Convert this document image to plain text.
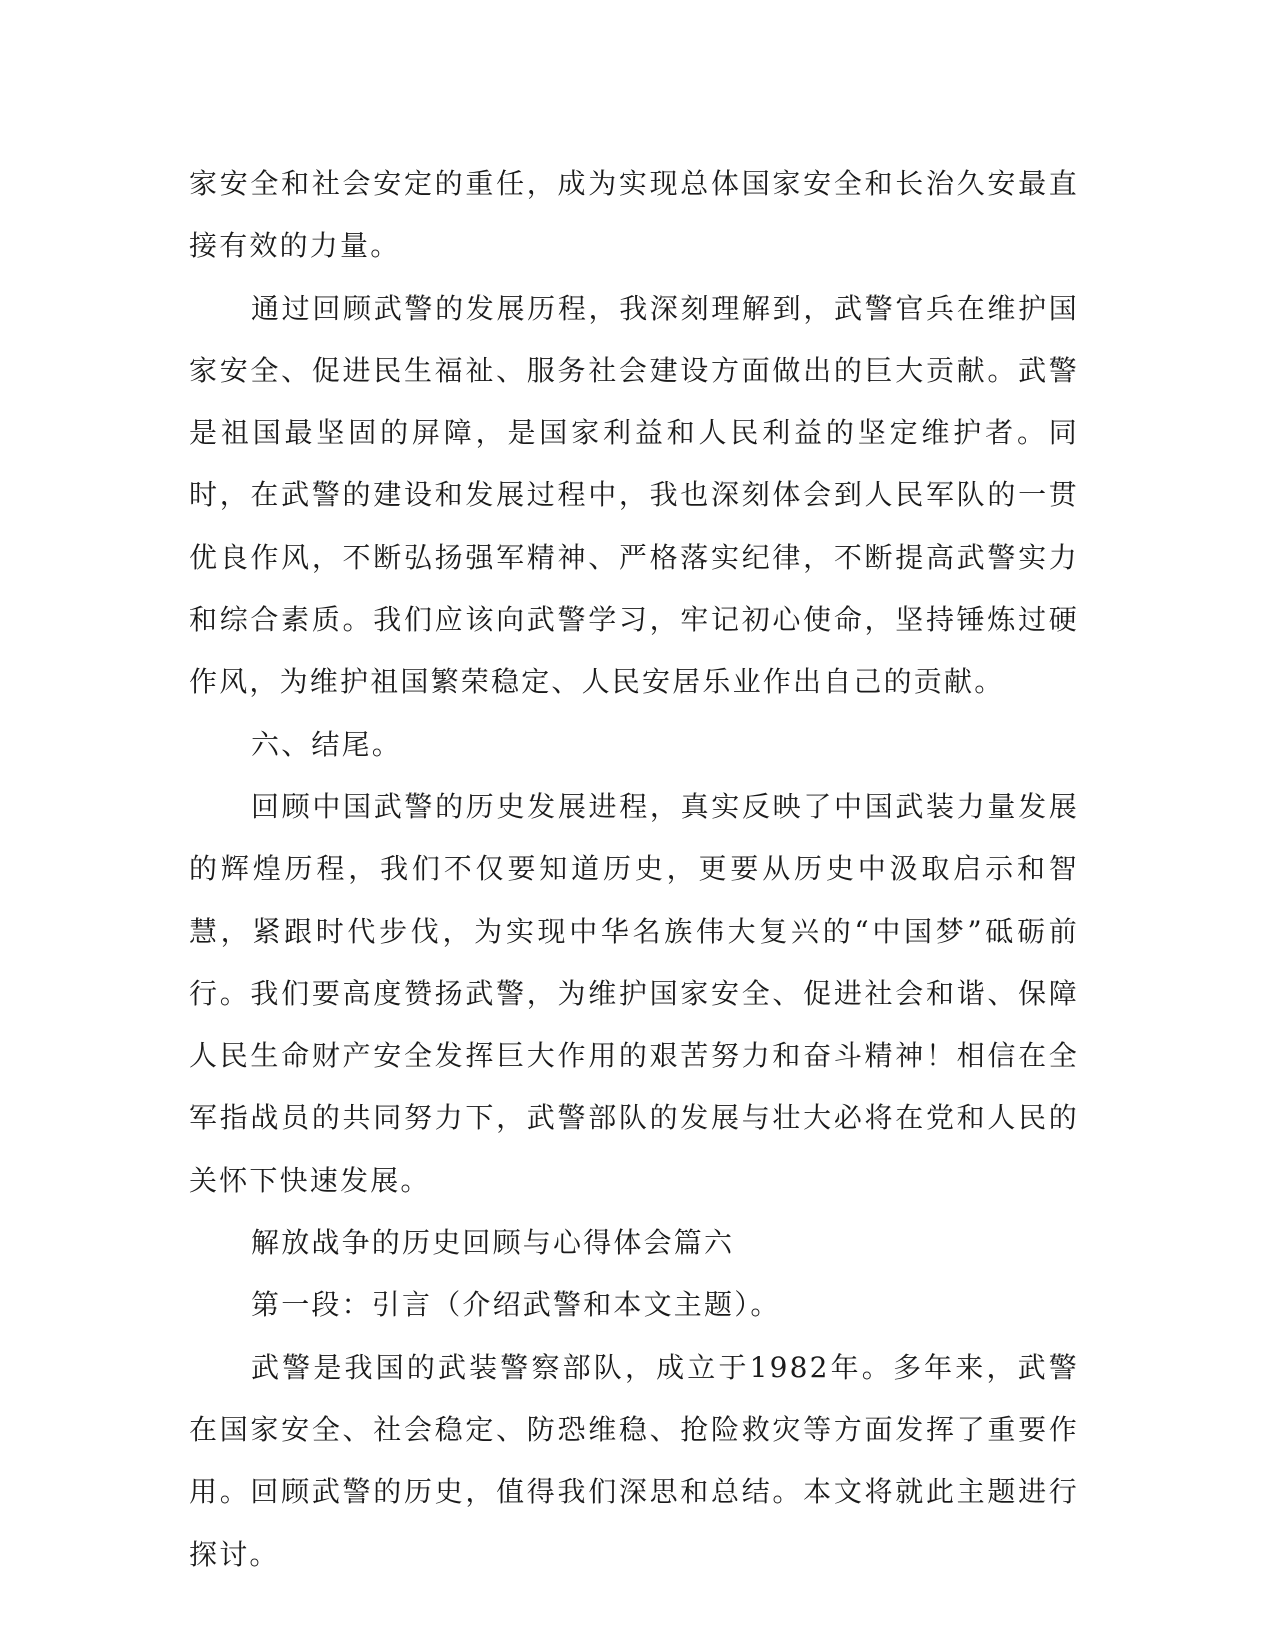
家安全和社会安定的重任，成为实现总体国家安全和长治久安最直接有效的力量。

通过回顾武警的发展历程，我深刻理解到，武警官兵在维护国家安全、促进民生福祉、服务社会建设方面做出的巨大贡献。武警是祖国最坚固的屏障，是国家利益和人民利益的坚定维护者。同时，在武警的建设和发展过程中，我也深刻体会到人民军队的一贯优良作风，不断弘扬强军精神、严格落实纪律，不断提高武警实力和综合素质。我们应该向武警学习，牢记初心使命，坚持锤炼过硬作风，为维护祖国繁荣稳定、人民安居乐业作出自己的贡献。

六、结尾。

回顾中国武警的历史发展进程，真实反映了中国武装力量发展的辉煌历程，我们不仅要知道历史，更要从历史中汲取启示和智慧，紧跟时代步伐，为实现中华名族伟大复兴的“中国梦”砥砺前行。我们要高度赞扬武警，为维护国家安全、促进社会和谐、保障人民生命财产安全发挥巨大作用的艰苦努力和奋斗精神！相信在全军指战员的共同努力下，武警部队的发展与壮大必将在党和人民的关怀下快速发展。

解放战争的历史回顾与心得体会篇六

第一段：引言（介绍武警和本文主题）。

武警是我国的武装警察部队，成立于1982年。多年来，武警在国家安全、社会稳定、防恐维稳、抢险救灾等方面发挥了重要作用。回顾武警的历史，值得我们深思和总结。本文将就此主题进行探讨。
